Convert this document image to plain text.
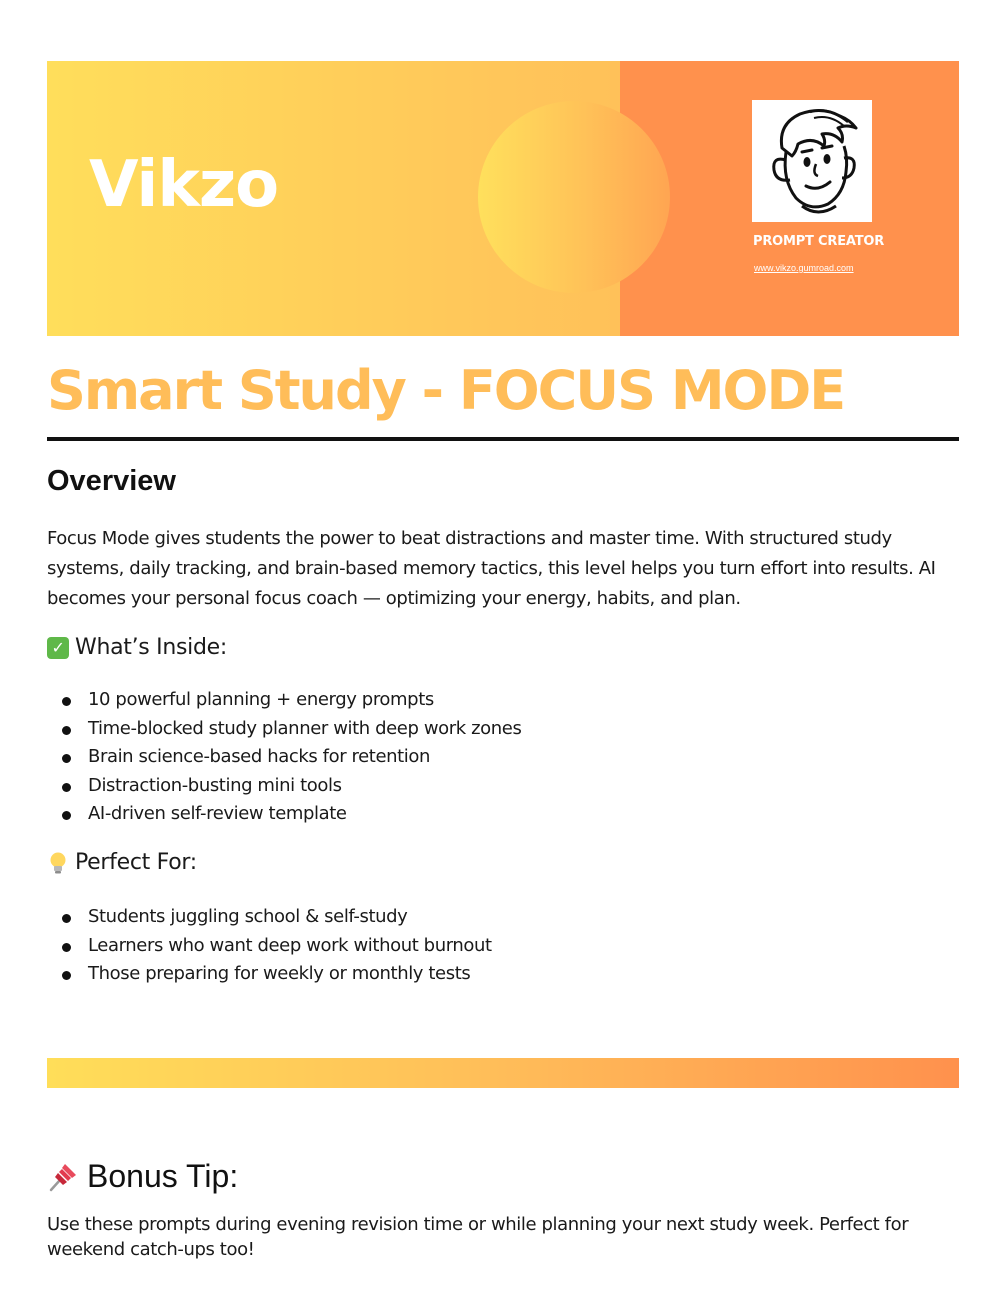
Vikzo
PROMPT CREATOR
www.vikzo.gumroad.com
Smart Study - FOCUS MODE
Overview

Focus Mode gives students the power to beat distractions and master time. With structured study systems, daily tracking, and brain-based memory tactics, this level helps you turn effort into results. AI becomes your personal focus coach — optimizing your energy, habits, and plan.

✓ What’s Inside:
10 powerful planning + energy prompts
Time-blocked study planner with deep work zones
Brain science-based hacks for retention
Distraction-busting mini tools
AI-driven self-review template
Perfect For:
Students juggling school & self-study
Learners who want deep work without burnout
Those preparing for weekly or monthly tests
Bonus Tip:

Use these prompts during evening revision time or while planning your next study week. Perfect for weekend catch-ups too!
